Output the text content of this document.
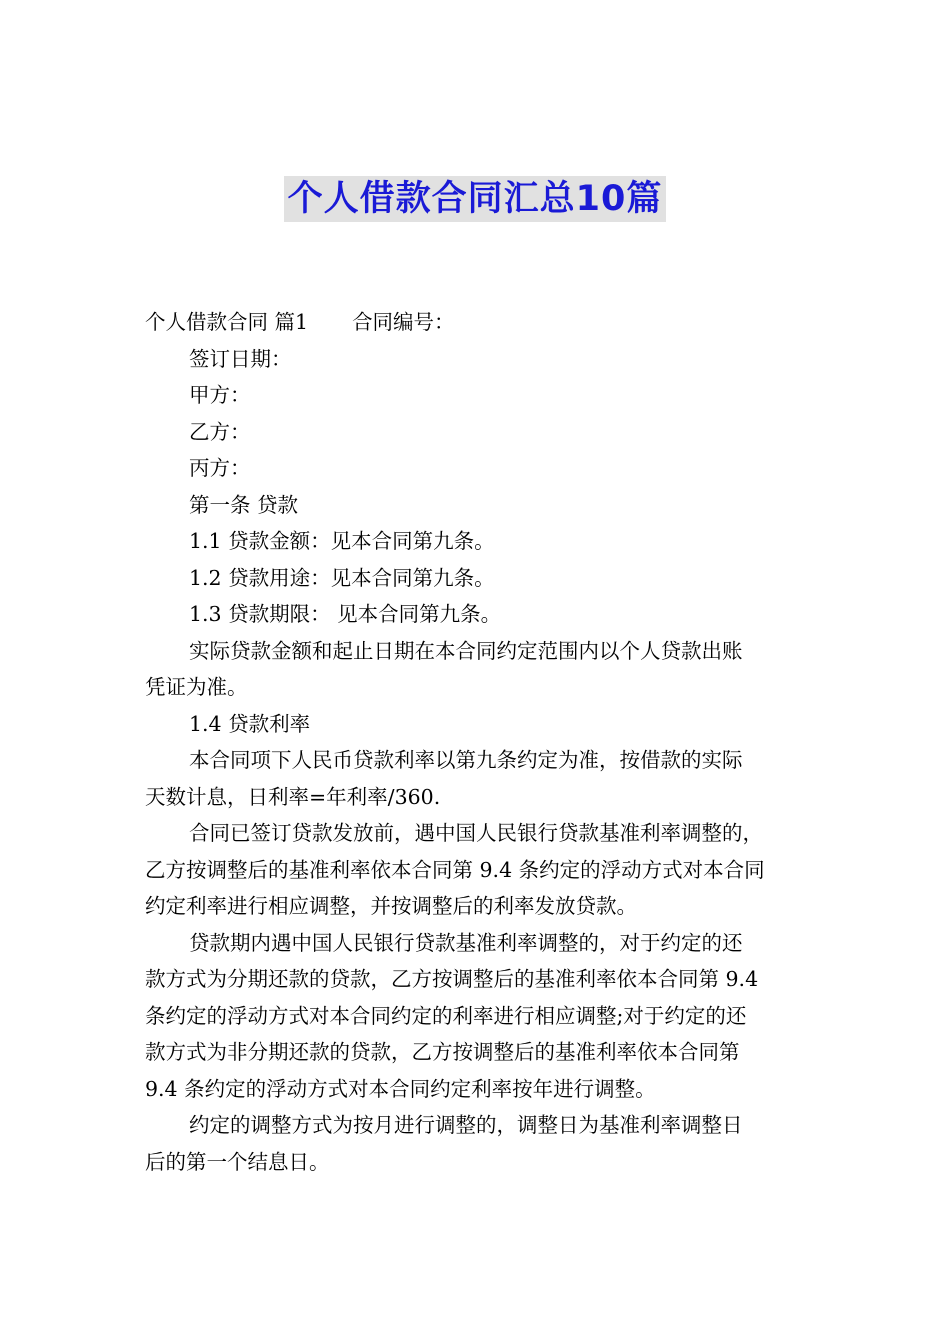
个人借款合同汇总10篇
个人借款合同 篇1 合同编号：

签订日期：

甲方：

乙方：

丙方：

第一条 贷款

1.1 贷款金额：见本合同第九条。

1.2 贷款用途：见本合同第九条。

1.3 贷款期限： 见本合同第九条。

实际贷款金额和起止日期在本合同约定范围内以个人贷款出账

凭证为准。

1.4 贷款利率

本合同项下人民币贷款利率以第九条约定为准，按借款的实际

天数计息，日利率=年利率/360.

合同已签订贷款发放前，遇中国人民银行贷款基准利率调整的，

乙方按调整后的基准利率依本合同第 9.4 条约定的浮动方式对本合同

约定利率进行相应调整，并按调整后的利率发放贷款。

贷款期内遇中国人民银行贷款基准利率调整的，对于约定的还

款方式为分期还款的贷款，乙方按调整后的基准利率依本合同第 9.4

条约定的浮动方式对本合同约定的利率进行相应调整;对于约定的还

款方式为非分期还款的贷款，乙方按调整后的基准利率依本合同第

9.4 条约定的浮动方式对本合同约定利率按年进行调整。

约定的调整方式为按月进行调整的，调整日为基准利率调整日

后的第一个结息日。
